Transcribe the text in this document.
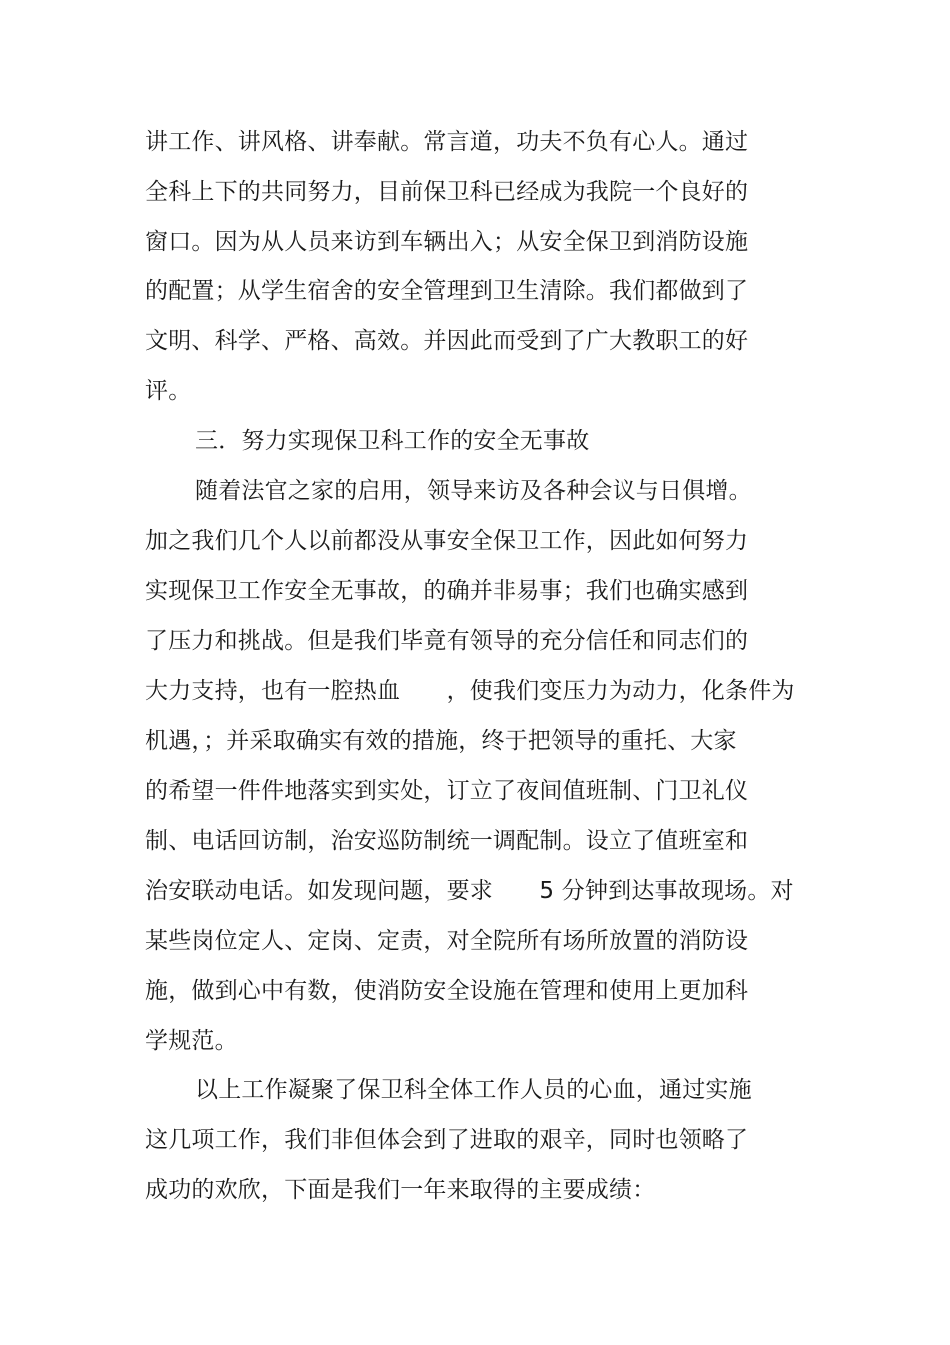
讲工作、讲风格、讲奉献。常言道，功夫不负有心人。通过
全科上下的共同努力，目前保卫科已经成为我院一个良好的
窗口。因为从人员来访到车辆出入；从安全保卫到消防设施
的配置；从学生宿舍的安全管理到卫生清除。我们都做到了
文明、科学、严格、高效。并因此而受到了广大教职工的好
评。
三．努力实现保卫科工作的安全无事故
随着法官之家的启用，领导来访及各种会议与日俱增。
加之我们几个人以前都没从事安全保卫工作，因此如何努力
实现保卫工作安全无事故，的确并非易事；我们也确实感到
了压力和挑战。但是我们毕竟有领导的充分信任和同志们的
大力支持，也有一腔热血　　，使我们变压力为动力，化条件为
机遇，；并采取确实有效的措施，终于把领导的重托、大家
的希望一件件地落实到实处，订立了夜间值班制、门卫礼仪
制、电话回访制，治安巡防制统一调配制。设立了值班室和
治安联动电话。如发现问题，要求　　5 分钟到达事故现场。对
某些岗位定人、定岗、定责，对全院所有场所放置的消防设
施，做到心中有数，使消防安全设施在管理和使用上更加科
学规范。
以上工作凝聚了保卫科全体工作人员的心血，通过实施
这几项工作，我们非但体会到了进取的艰辛，同时也领略了
成功的欢欣，下面是我们一年来取得的主要成绩：
